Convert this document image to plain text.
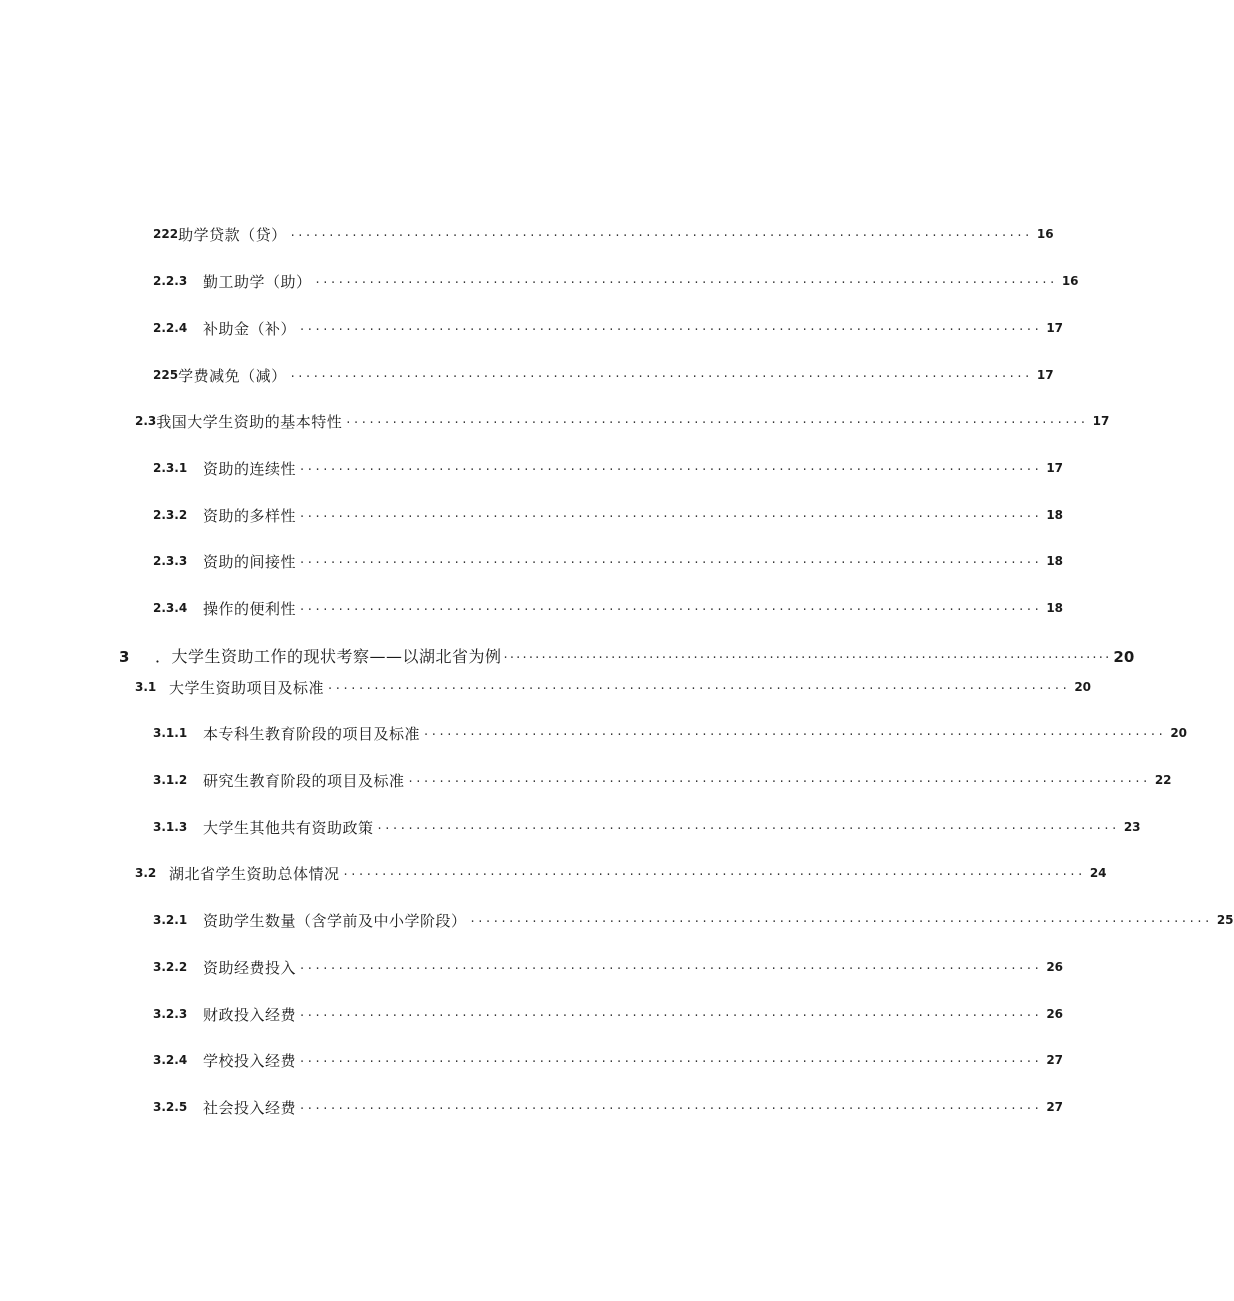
222 助学贷款（贷） ................................................................................................ 16
2.2.3	勤工助学（助） ................................................................................................ 16
2.2.4	补助金（补） ................................................................................................ 17
225 学费减免（减） ................................................................................................ 17
2.3 我国大学生资助的基本特性 ................................................................................................ 17
2.3.1	资助的连续性 ................................................................................................ 17
2.3.2	资助的多样性 ................................................................................................ 18
2.3.3	资助的间接性 ................................................................................................ 18
2.3.4	操作的便利性 ................................................................................................ 18
3	．大学生资助工作的现状考察——以湖北省为例 ................................................................................................ 20
3.1 大学生资助项目及标准 ................................................................................................ 20
3.1.1	本专科生教育阶段的项目及标准 ................................................................................................ 20
3.1.2	研究生教育阶段的项目及标准 ................................................................................................ 22
3.1.3	大学生其他共有资助政策 ................................................................................................ 23
3.2 湖北省学生资助总体情况 ................................................................................................ 24
3.2.1	资助学生数量（含学前及中小学阶段） ................................................................................................ 25
3.2.2	资助经费投入 ................................................................................................ 26
3.2.3	财政投入经费 ................................................................................................ 26
3.2.4	学校投入经费 ................................................................................................ 27
3.2.5	社会投入经费 ................................................................................................ 27
